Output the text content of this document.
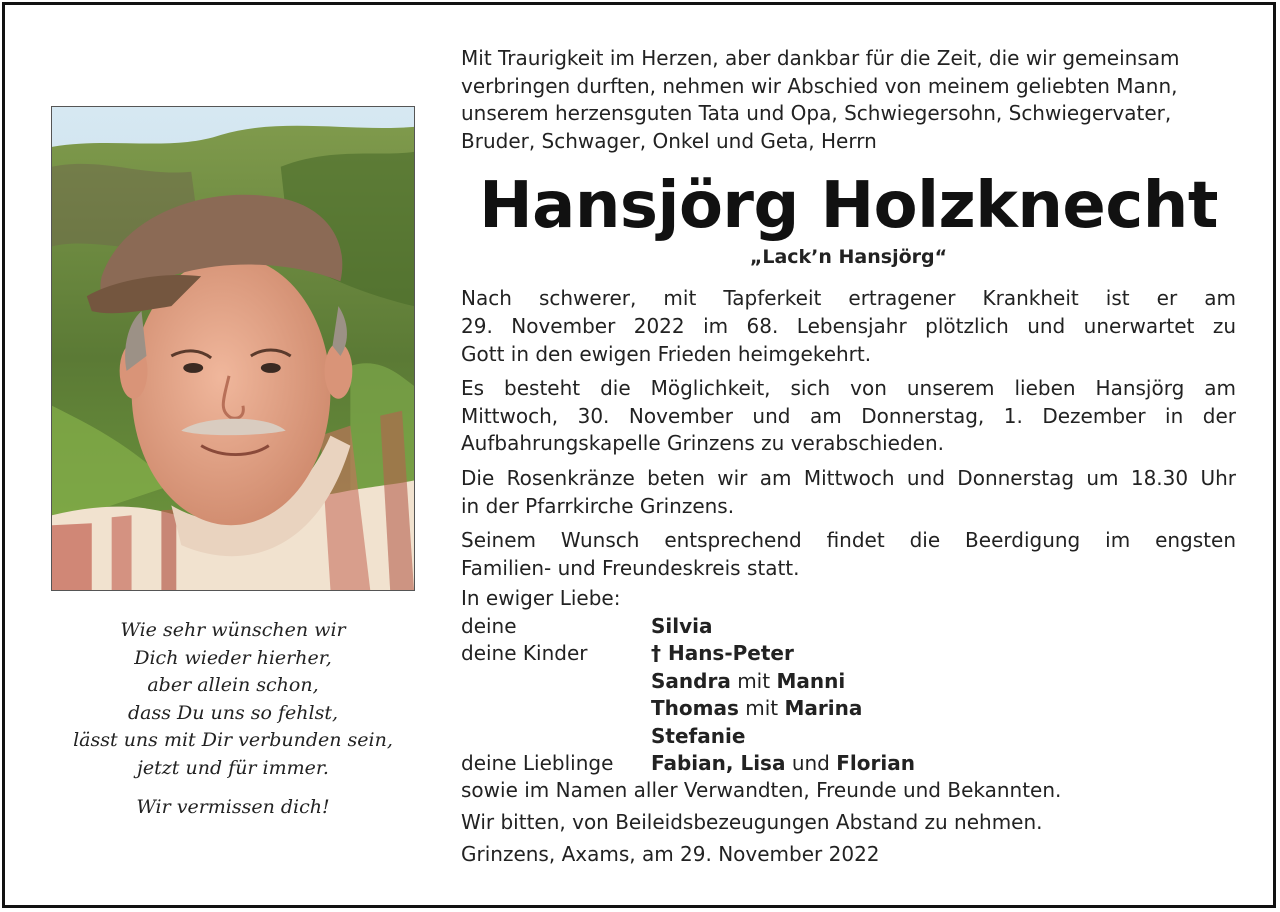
Wie sehr wünschen wir
Dich wieder hierher,
aber allein schon,
dass Du uns so fehlst,
lässt uns mit Dir verbunden sein,
jetzt und für immer.
Wir vermissen dich!
Mit Traurigkeit im Herzen, aber dankbar für die Zeit, die wir gemeinsam
verbringen durften, nehmen wir Abschied von meinem geliebten Mann,
unserem herzensguten Tata und Opa, Schwiegersohn, Schwiegervater,
Bruder, Schwager, Onkel und Geta, Herrn
Hansjörg Holzknecht
„Lack’n Hansjörg“
Nach schwerer, mit Tapferkeit ertragener Krankheit ist er am
29. November 2022 im 68. Lebensjahr plötzlich und unerwartet zu
Gott in den ewigen Frieden heimgekehrt.
Es besteht die Möglichkeit, sich von unserem lieben Hansjörg am
Mittwoch, 30. November und am Donnerstag, 1. Dezember in der
Aufbahrungskapelle Grinzens zu verabschieden.
Die Rosenkränze beten wir am Mittwoch und Donnerstag um 18.30 Uhr
in der Pfarrkirche Grinzens.
Seinem Wunsch entsprechend findet die Beerdigung im engsten
Familien- und Freundeskreis statt.
In ewiger Liebe:
deine	Silvia
deine Kinder	† Hans-Peter
Sandra mit Manni
Thomas mit Marina
Stefanie
deine Lieblinge	Fabian, Lisa und Florian
sowie im Namen aller Verwandten, Freunde und Bekannten.
Wir bitten, von Beileidsbezeugungen Abstand zu nehmen.
Grinzens, Axams, am 29. November 2022
